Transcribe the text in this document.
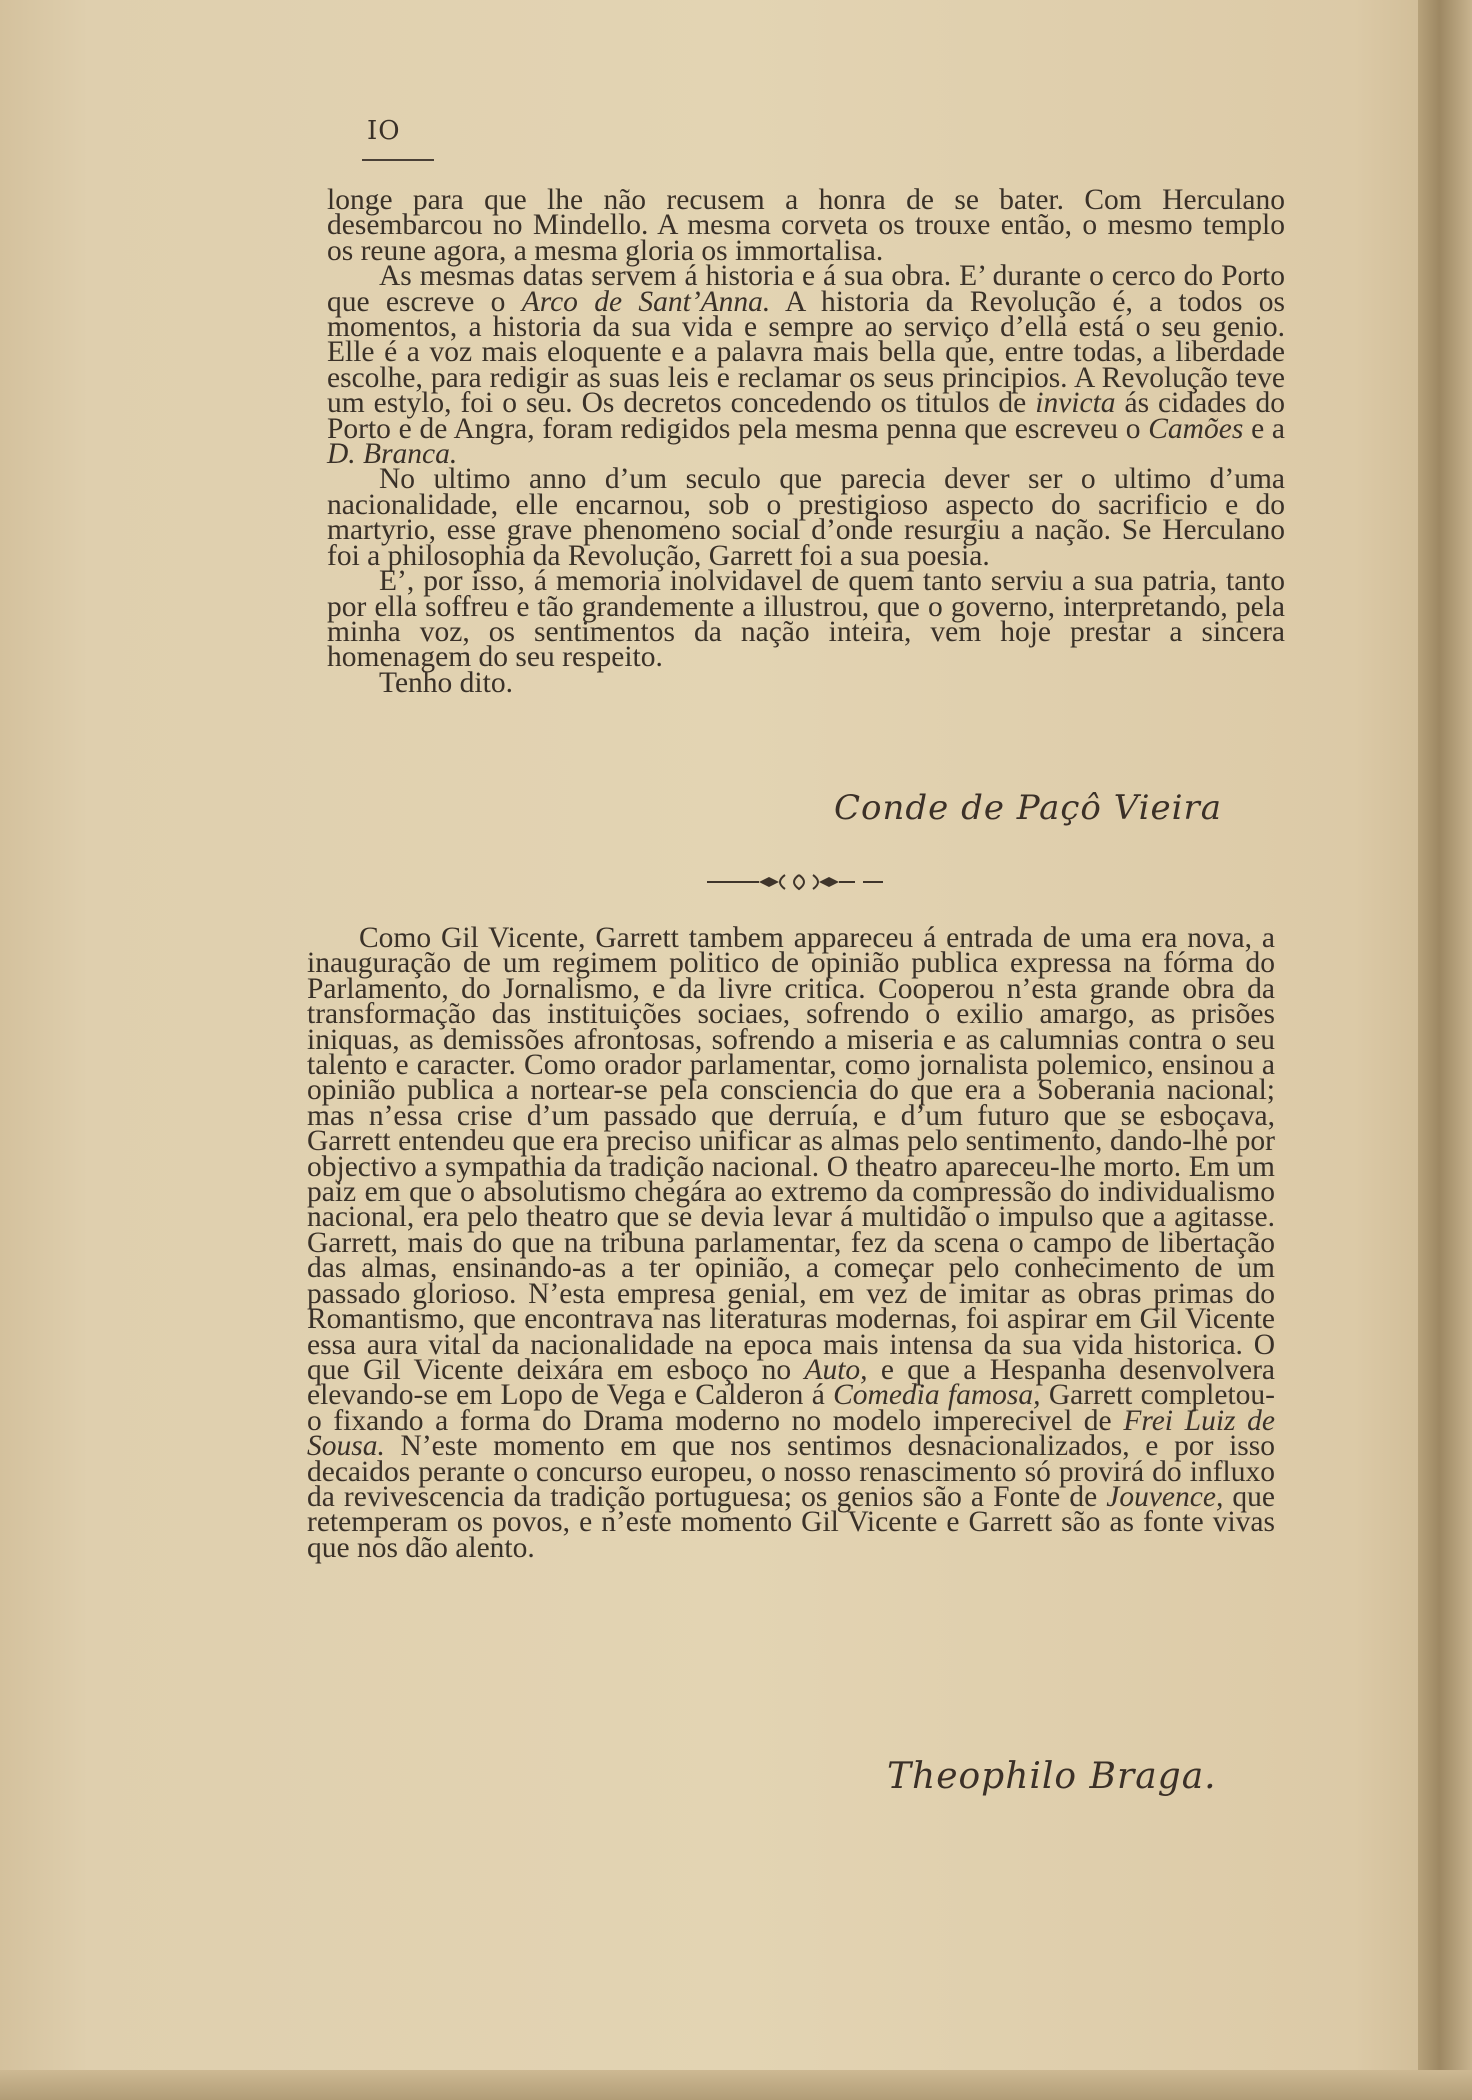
IO

longe para que lhe não recusem a honra de se bater. Com Herculano desembarcou no Mindello. A mesma corveta os trouxe então, o mesmo templo os reune agora, a mesma gloria os immortalisa.

As mesmas datas servem á historia e á sua obra. E’ durante o cerco do Porto que escreve o Arco de Sant’Anna. A historia da Revolução é, a todos os momentos, a historia da sua vida e sempre ao serviço d’ella está o seu genio. Elle é a voz mais eloquente e a palavra mais bella que, entre todas, a liberdade escolhe, para redigir as suas leis e reclamar os seus principios. A Revolução teve um estylo, foi o seu. Os decretos concedendo os titulos de invicta ás cidades do Porto e de Angra, foram redigidos pela mesma penna que escreveu o Camões e a D. Branca.

No ultimo anno d’um seculo que parecia dever ser o ultimo d’uma nacionalidade, elle encarnou, sob o prestigioso aspecto do sacrificio e do martyrio, esse grave phenomeno social d’onde resurgiu a nação. Se Herculano foi a philosophia da Revolução, Garrett foi a sua poesia.

E’, por isso, á memoria inolvidavel de quem tanto serviu a sua patria, tanto por ella soffreu e tão grandemente a illustrou, que o governo, interpretando, pela minha voz, os sentimentos da nação inteira, vem hoje prestar a sincera homenagem do seu respeito.

Tenho dito.

Conde de Paçô Vieira

Como Gil Vicente, Garrett tambem appareceu á entrada de uma era nova, a inauguração de um regimem politico de opinião publica expressa na fórma do Parlamento, do Jornalismo, e da livre critica. Cooperou n’esta grande obra da transformação das instituições sociaes, sofrendo o exilio amargo, as prisões iniquas, as demissões afrontosas, sofrendo a miseria e as calumnias contra o seu talento e caracter. Como orador parlamentar, como jornalista polemico, ensinou a opinião publica a nortear-se pela consciencia do que era a Soberania nacional; mas n’essa crise d’um passado que derruía, e d’um futuro que se esboçava, Garrett entendeu que era preciso unificar as almas pelo sentimento, dando-lhe por objectivo a sympathia da tradição nacional. O theatro apareceu-lhe morto. Em um paiz em que o absolutismo chegára ao extremo da compressão do individualismo nacional, era pelo theatro que se devia levar á multidão o impulso que a agitasse. Garrett, mais do que na tribuna parlamentar, fez da scena o campo de libertação das almas, ensinando-as a ter opinião, a começar pelo conhecimento de um passado glorioso. N’esta empresa genial, em vez de imitar as obras primas do Romantismo, que encontrava nas literaturas modernas, foi aspirar em Gil Vicente essa aura vital da nacionalidade na epoca mais intensa da sua vida historica. O que Gil Vicente deixára em esboço no Auto, e que a Hespanha desenvolvera elevando-se em Lopo de Vega e Calderon á Comedia famosa, Garrett completou-o fixando a forma do Drama moderno no modelo imperecivel de Frei Luiz de Sousa. N’este momento em que nos sentimos desnacionalizados, e por isso decaidos perante o concurso europeu, o nosso renascimento só provirá do influxo da revivescencia da tradição portuguesa; os genios são a Fonte de Jouvence, que retemperam os povos, e n’este momento Gil Vicente e Garrett são as fonte vivas que nos dão alento.

Theophilo Braga.
